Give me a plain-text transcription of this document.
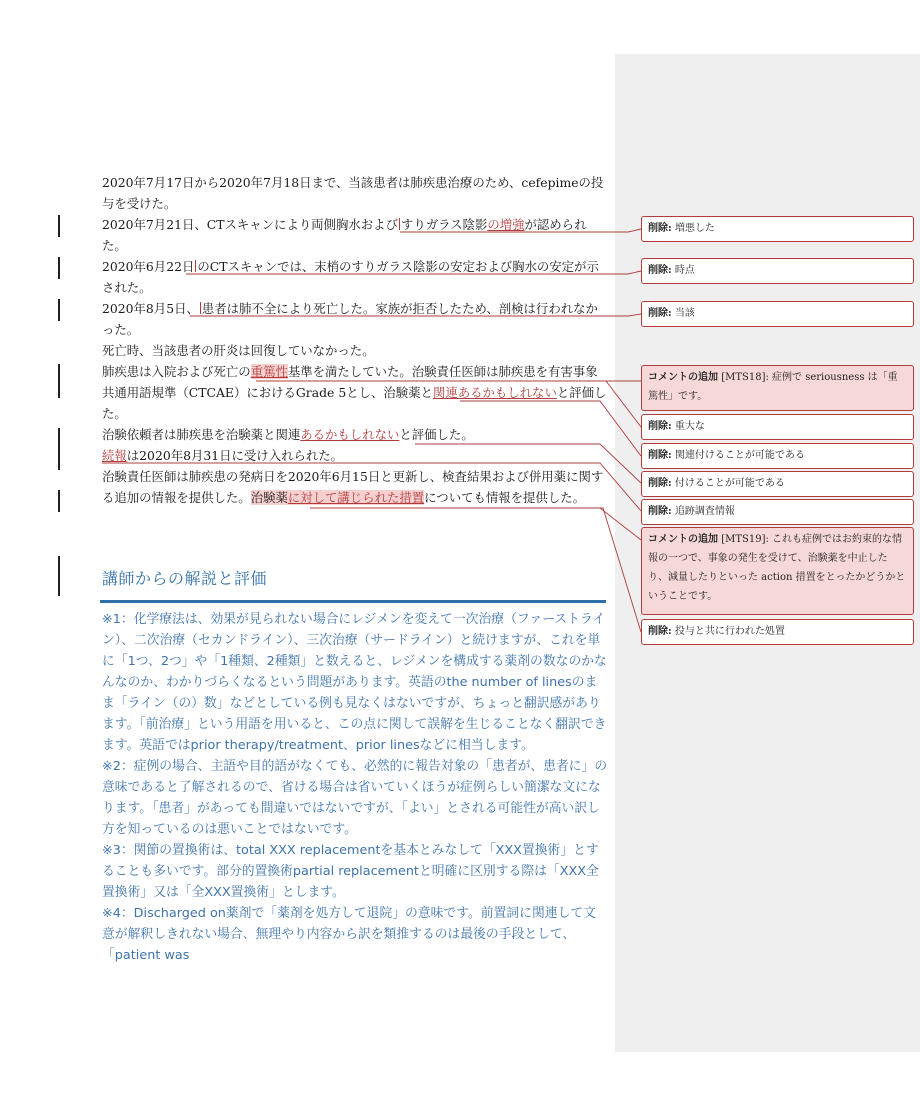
2020年7月17日から2020年7月18日まで、当該患者は肺疾患治療のため、cefepimeの投与を受けた。

2020年7月21日、CTスキャンにより両側胸水および すりガラス陰影の増強が認められた。

2020年6月22日 のCTスキャンでは、末梢のすりガラス陰影の安定および胸水の安定が示された。

2020年8月5日、 患者は肺不全により死亡した。家族が拒否したため、剖検は行われなかった。

死亡時、当該患者の肝炎は回復していなかった。

肺疾患は入院および死亡の重篤性基準を満たしていた。治験責任医師は肺疾患を有害事象共通用語規準（CTCAE）におけるGrade 5とし、治験薬と関連あるかもしれないと評価した。

治験依頼者は肺疾患を治験薬と関連あるかもしれないと評価した。

続報は2020年8月31日に受け入れられた。

治験責任医師は肺疾患の発病日を2020年6月15日と更新し、検査結果および併用薬に関する追加の情報を提供した。治験薬に対して講じられた措置についても情報を提供した。

削除: 増悪した
削除: 時点
削除: 当該
コメントの追加 [MTS18]: 症例で seriousness は「重篤性」です。
削除: 重大な
削除: 関連付けることが可能である
削除: 付けることが可能である
削除: 追跡調査情報
コメントの追加 [MTS19]: これも症例ではお約束的な情報の一つで、事象の発生を受けて、治験薬を中止したり、減量したりといった action 措置をとったかどうかということです。
削除: 投与と共に行われた処置
講師からの解説と評価

※1：化学療法は、効果が見られない場合にレジメンを変えて一次治療（ファーストライン）、二次治療（セカンドライン）、三次治療（サードライン）と続けますが、これを単に「1つ、2つ」や「1種類、2種類」と数えると、レジメンを構成する薬剤の数なのかなんなのか、わかりづらくなるという問題があります。英語のthe number of linesのまま「ライン（の）数」などとしている例も見なくはないですが、ちょっと翻訳感があります。「前治療」という用語を用いると、この点に関して誤解を生じることなく翻訳できます。英語ではprior therapy/treatment、prior linesなどに相当します。

※2：症例の場合、主語や目的語がなくても、必然的に報告対象の「患者が、患者に」の意味であると了解されるので、省ける場合は省いていくほうが症例らしい簡潔な文になります。「患者」があっても間違いではないですが、「よい」とされる可能性が高い訳し方を知っているのは悪いことではないです。

※3：関節の置換術は、total XXX replacementを基本とみなして「XXX置換術」とすることも多いです。部分的置換術partial replacementと明確に区別する際は「XXX全置換術」又は「全XXX置換術」とします。

※4：Discharged on薬剤で「薬剤を処方して退院」の意味です。前置詞に関連して文意が解釈しきれない場合、無理やり内容から訳を類推するのは最後の手段として、「patient was
